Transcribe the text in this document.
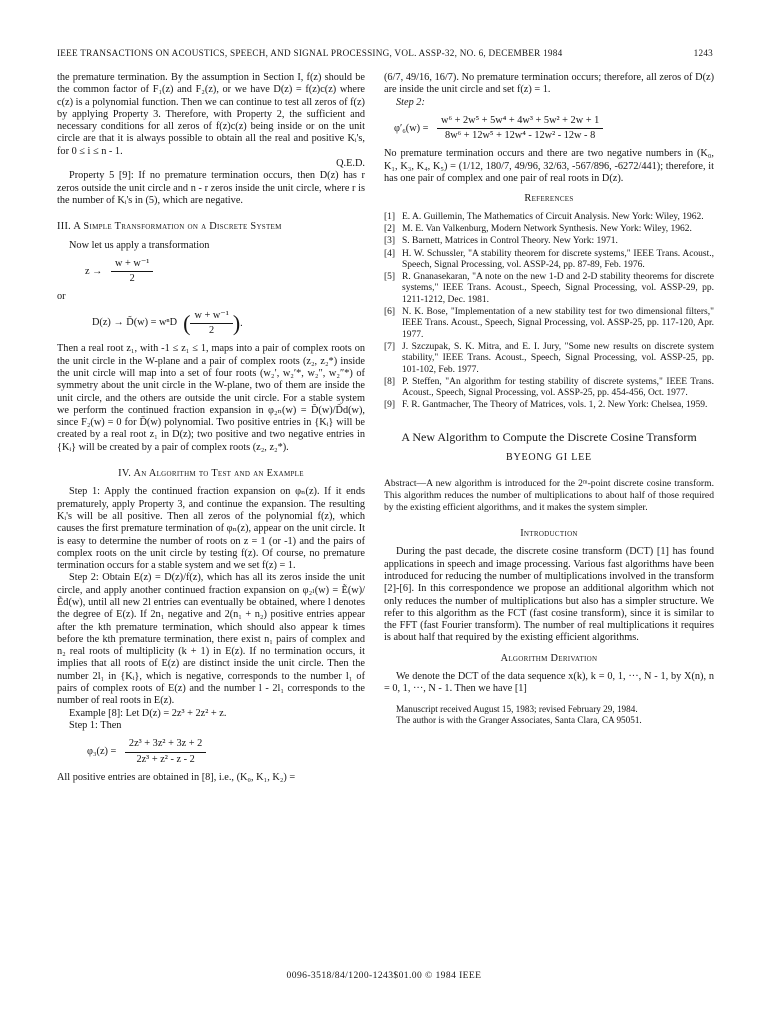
IEEE TRANSACTIONS ON ACOUSTICS, SPEECH, AND SIGNAL PROCESSING, VOL. ASSP-32, NO. 6, DECEMBER 1984	1243

the premature termination. By the assumption in Section I, f(z) should be the common factor of F₁(z) and F₂(z), or we have D(z) = f(z)c(z) where c(z) is a polynomial function. Then we can continue to test all zeros of f(z) by applying Property 3. Therefore, with Property 2, the sufficient and necessary conditions for all zeros of f(z)c(z) being inside or on the unit circle are that it is always possible to obtain all the real and positive Kᵢ's, for 0 ≤ i ≤ n - 1.

Q.E.D.

Property 5 [9]: If no premature termination occurs, then D(z) has r zeros outside the unit circle and n - r zeros inside the unit circle, where r is the number of Kᵢ's in (5), which are negative.

III. A Simple Transformation on a Discrete System

Now let us apply a transformation

$z \to \frac{\text{w + w⁻¹}}{2}$

or

D(z) → D̃(w) = wⁿD ( $\frac{\text{w + w⁻¹}}{2}$ ).

Then a real root z₁, with -1 ≤ z₁ ≤ 1, maps into a pair of complex roots on the unit circle in the W-plane and a pair of complex roots (z₂, z₂*) inside the unit circle will map into a set of four roots (w₂′, w₂′*, w₂″, w₂″*) of symmetry about the unit circle in the W-plane, two of them are inside the unit circle, and the others are outside the unit circle. For a stable system we perform the continued fraction expansion in φ₂ₙ(w) = D̃(w)/D̃d(w), since F₂(w) = 0 for D̃(w) polynomial. Two positive entries in {Kᵢ} will be created by a real root z₁ in D(z); two positive and two negative entries in {Kᵢ} will be created by a pair of complex roots (z₂, z₂*).

IV. An Algorithm to Test and an Example

Step 1: Apply the continued fraction expansion on φₙ(z). If it ends prematurely, apply Property 3, and continue the expansion. The resulting Kᵢ's will be all positive. Then all zeros of the polynomial f(z), which causes the first premature termination of φₙ(z), appear on the unit circle. It is easy to determine the number of roots on z = 1 (or -1) and the pairs of complex roots on the unit circle by testing f(z). Of course, no premature termination occurs for a stable system and we set f(z) = 1.

Step 2: Obtain E(z) = D(z)/f(z), which has all its zeros inside the unit circle, and apply another continued fraction expansion on φ₂ₗ(w) = Ẽ(w)/Ẽd(w), until all new 2l entries can eventually be obtained, where l denotes the degree of E(z). If 2n₁ negative and 2(n₁ + n₂) positive entries appear after the kth premature termination, which should also appear k times before the kth premature termination, there exist n₁ pairs of complex and n₂ real roots of multiplicity (k + 1) in E(z). If no termination occurs, it implies that all roots of E(z) are distinct inside the unit circle. Then the number 2l₁ in {Kᵢ}, which is negative, corresponds to the number l₁ of pairs of complex roots of E(z) and the number l - 2l₁ corresponds to the number of real roots in E(z).

Example [8]: Let D(z) = 2z³ + 2z² + z.

Step 1: Then

$\varphi_3(z) = \frac{\text{2z³ + 3z² + 3z + 2}}{\text{2z³ + z² - z - 2}}$

All positive entries are obtained in [8], i.e., (K₀, K₁, K₂) =

(6/7, 49/16, 16/7). No premature termination occurs; therefore, all zeros of D(z) are inside the unit circle and set f(z) = 1.

Step 2:

$\varphi'_6(w) = \frac{\text{w⁶ + 2w⁵ + 5w⁴ + 4w³ + 5w² + 2w + 1}}{\text{8w⁶ + 12w⁵ + 12w⁴ - 12w² - 12w - 8}}$

No premature termination occurs and there are two negative numbers in (K₀, K₁, K₃, K₄, K₅) = (1/12, 180/7, 49/96, 32/63, -567/896, -6272/441); therefore, it has one pair of complex and one pair of real roots in D(z).

References
[1] E. A. Guillemin, The Mathematics of Circuit Analysis. New York: Wiley, 1962.
[2] M. E. Van Valkenburg, Modern Network Synthesis. New York: Wiley, 1962.
[3] S. Barnett, Matrices in Control Theory. New York: 1971.
[4] H. W. Schussler, "A stability theorem for discrete systems," IEEE Trans. Acoust., Speech, Signal Processing, vol. ASSP-24, pp. 87-89, Feb. 1976.
[5] R. Gnanasekaran, "A note on the new 1-D and 2-D stability theorems for discrete systems," IEEE Trans. Acoust., Speech, Signal Processing, vol. ASSP-29, pp. 1211-1212, Dec. 1981.
[6] N. K. Bose, "Implementation of a new stability test for two dimensional filters," IEEE Trans. Acoust., Speech, Signal Processing, vol. ASSP-25, pp. 117-120, Apr. 1977.
[7] J. Szczupak, S. K. Mitra, and E. I. Jury, "Some new results on discrete system stability," IEEE Trans. Acoust., Speech, Signal Processing, vol. ASSP-25, pp. 101-102, Feb. 1977.
[8] P. Steffen, "An algorithm for testing stability of discrete systems," IEEE Trans. Acoust., Speech, Signal Processing, vol. ASSP-25, pp. 454-456, Oct. 1977.
[9] F. R. Gantmacher, The Theory of Matrices, vols. 1, 2. New York: Chelsea, 1959.
A New Algorithm to Compute the Discrete Cosine Transform
BYEONG GI LEE

Abstract—A new algorithm is introduced for the 2ᵐ-point discrete cosine transform. This algorithm reduces the number of multiplications to about half of those required by the existing efficient algorithms, and it makes the system simpler.

Introduction

During the past decade, the discrete cosine transform (DCT) [1] has found applications in speech and image processing. Various fast algorithms have been introduced for reducing the number of multiplications involved in the transform [2]-[6]. In this correspondence we propose an additional algorithm which not only reduces the number of multiplications but also has a simpler structure. We refer to this algorithm as the FCT (fast cosine transform), since it is similar to the FFT (fast Fourier transform). The number of real multiplications it requires is about half that required by the existing efficient algorithms.

Algorithm Derivation

We denote the DCT of the data sequence x(k), k = 0, 1, ···, N - 1, by X(n), n = 0, 1, ···, N - 1. Then we have [1]

Manuscript received August 15, 1983; revised February 29, 1984.
The author is with the Granger Associates, Santa Clara, CA 95051.
0096-3518/84/1200-1243$01.00 © 1984 IEEE
